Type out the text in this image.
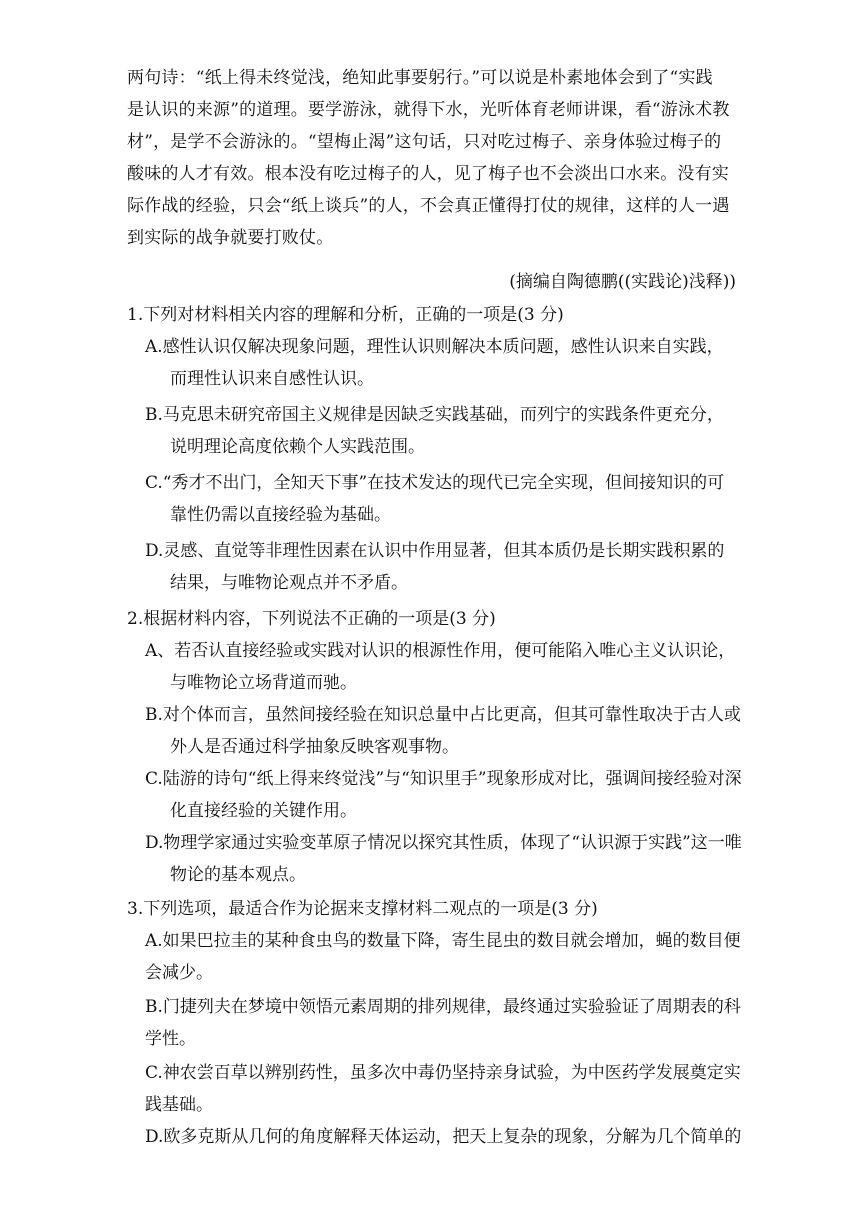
两句诗：“纸上得未终觉浅，绝知此事要躬行。”可以说是朴素地体会到了“实践
是认识的来源”的道理。要学游泳，就得下水，光听体育老师讲课，看“游泳术教
材”，是学不会游泳的。“望梅止渴”这句话，只对吃过梅子、亲身体验过梅子的
酸味的人才有效。根本没有吃过梅子的人，见了梅子也不会淡出口水来。没有实
际作战的经验，只会“纸上谈兵”的人，不会真正懂得打仗的规律，这样的人一遇
到实际的战争就要打败仗。
(摘编自陶德鹏((实践论)浅释))
1.下列对材料相关内容的理解和分析，正确的一项是(3 分)
A.感性认识仅解决现象问题，理性认识则解决本质问题，感性认识来自实践，
而理性认识来自感性认识。
B.马克思未研究帝国主义规律是因缺乏实践基础，而列宁的实践条件更充分，
说明理论高度依赖个人实践范围。
C.“秀才不出门，全知天下事”在技术发达的现代已完全实现，但间接知识的可
靠性仍需以直接经验为基础。
D.灵感、直觉等非理性因素在认识中作用显著，但其本质仍是长期实践积累的
结果，与唯物论观点并不矛盾。
2.根据材料内容，下列说法不正确的一项是(3 分)
A、若否认直接经验或实践对认识的根源性作用，便可能陷入唯心主义认识论，
与唯物论立场背道而驰。
B.对个体而言，虽然间接经验在知识总量中占比更高，但其可靠性取决于古人或
外人是否通过科学抽象反映客观事物。
C.陆游的诗句“纸上得来终觉浅”与“知识里手”现象形成对比，强调间接经验对深
化直接经验的关键作用。
D.物理学家通过实验变革原子情况以探究其性质，体现了“认识源于实践”这一唯
物论的基本观点。
3.下列选项，最适合作为论据来支撑材料二观点的一项是(3 分)
A.如果巴拉圭的某种食虫鸟的数量下降，寄生昆虫的数目就会增加，蝇的数目便
会减少。
B.门捷列夫在梦境中领悟元素周期的排列规律，最终通过实验验证了周期表的科
学性。
C.神农尝百草以辨别药性，虽多次中毒仍坚持亲身试验，为中医药学发展奠定实
践基础。
D.欧多克斯从几何的角度解释天体运动，把天上复杂的现象，分解为几个简单的
